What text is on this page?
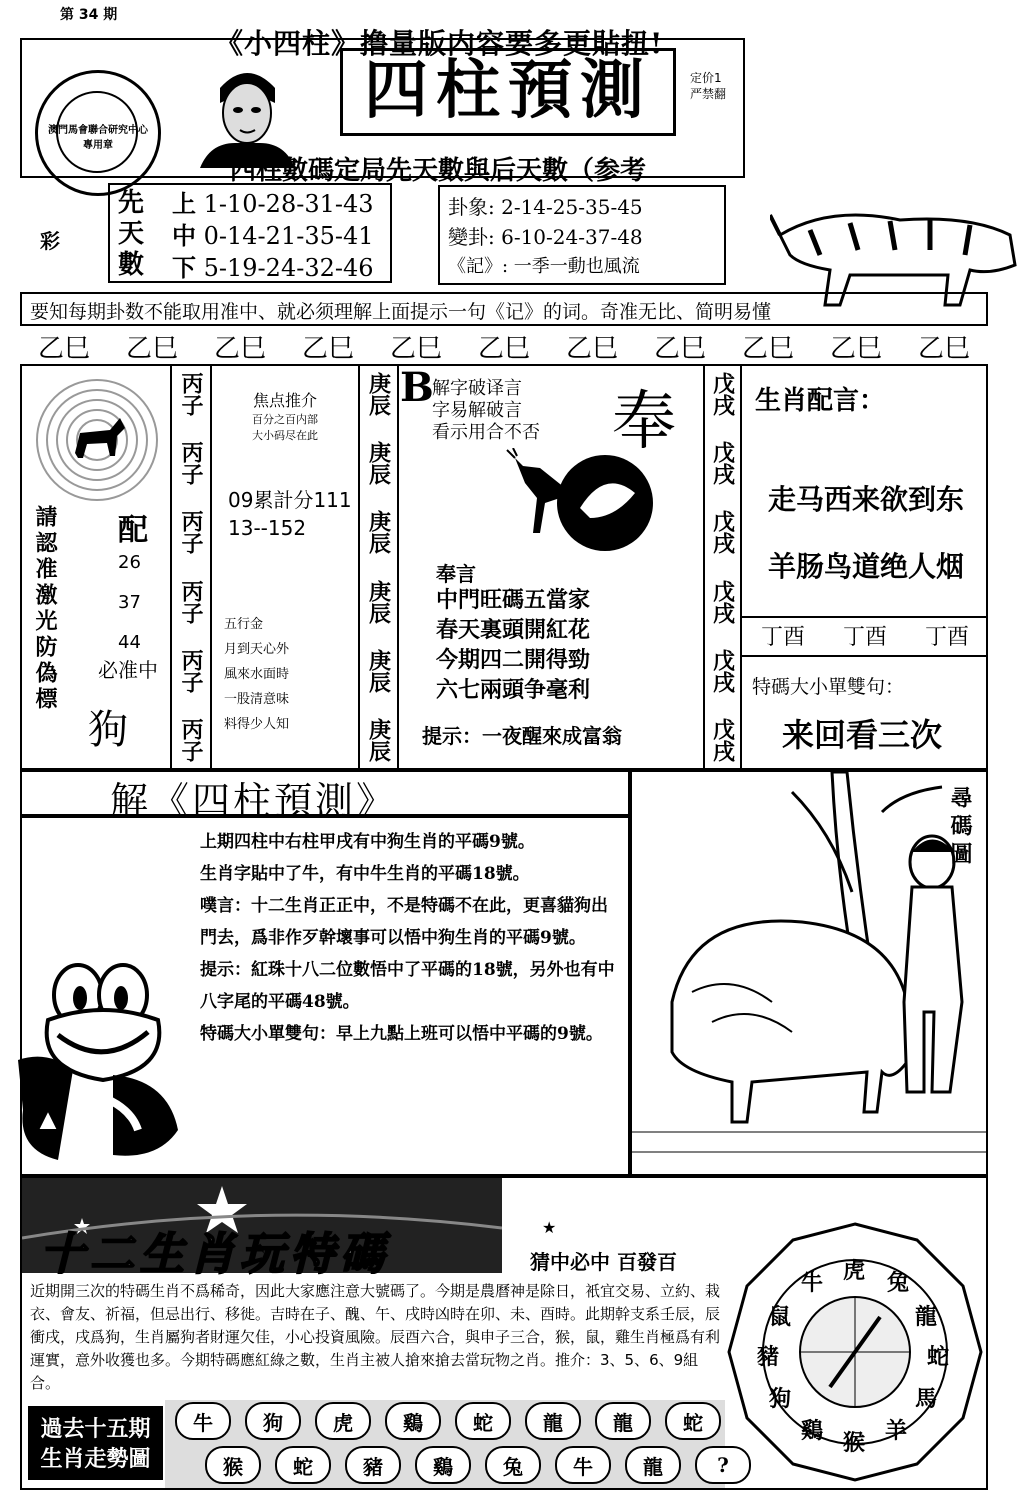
第 34 期
《小四柱》撸量版内容要多更貼扭!
澳門馬會聯合研究中心專用章
四柱預測	定价1
严禁翻
四柱數碼定局先天數與后天數（参考
先
天
數
上 1-10-28-31-43
中 0-14-21-35-41
下 5-19-24-32-46
彩
卦象: 2-14-25-35-45
變卦: 6-10-24-37-48
《記》: 一季一動也風流
要知每期卦数不能取用准中、就必须理解上面提示一句《记》的词。奇准无比、简明易懂
乙巳 乙巳 乙巳 乙巳 乙巳 乙巳 乙巳 乙巳 乙巳 乙巳 乙巳
請認准激光防偽標 配
26
37
44
必准中
狗
丙子
丙子
丙子
丙子
丙子
丙子
焦点推介
百分之百内部
大小码尽在此
09累計分111
13--152
五行金
月到天心外
風來水面時
一股清意味
料得少人知
庚辰
庚辰
庚辰
庚辰
庚辰
庚辰
B
解字破译言
字易解破言
看示用合不否 奉
奉言
中門旺碼五當家
春天裏頭開紅花
今期四二開得勁
六七兩頭争毫利
提示：一夜醒來成富翁
戊戌
戊戌
戊戌
戊戌
戊戌
戊戌
生肖配言：
走马西来欲到东
羊肠鸟道绝人烟
丁酉 丁酉 丁酉
特碼大小單雙句：
来回看三次
解《四柱預測》
上期四柱中右柱甲戌有中狗生肖的平碼9號。
生肖字貼中了牛，有中牛生肖的平碼18號。
噗言：十二生肖正正中，不是特碼不在此，更喜貓狗出門去，爲非作歹幹壞事可以悟中狗生肖的平碼9號。
提示：紅珠十八二位數悟中了平碼的18號，另外也有中八字尾的平碼48號。
特碼大小單雙句：早上九點上班可以悟中平碼的9號。
尋碼圖
十二生肖玩特碼	猜中必中 百發百
★
近期開三次的特碼生肖不爲稀奇，因此大家應注意大號碼了。今期是農曆神是除日，衹宜交易、立約、栽衣、會友、祈福，但忌出行、移徙。吉時在子、醜、午、戌時凶時在卯、未、酉時。此期幹支系壬辰，辰衝戌，戌爲狗，生肖屬狗者財運欠佳，小心投資風險。辰酉六合，與申子三合，猴，鼠，雞生肖極爲有利運實，意外收獲也多。今期特碼應紅綠之數，生肖主被人搶來搶去當玩物之肖。推介：3、5、6、9組合。
過去十五期
生肖走勢圖
牛	狗	虎	鷄	蛇	龍	龍	蛇
猴	蛇	豬	鷄	兔	牛	龍	?
虎 兔
龍
蛇
馬
羊
猴
鷄
狗
豬
鼠
牛
